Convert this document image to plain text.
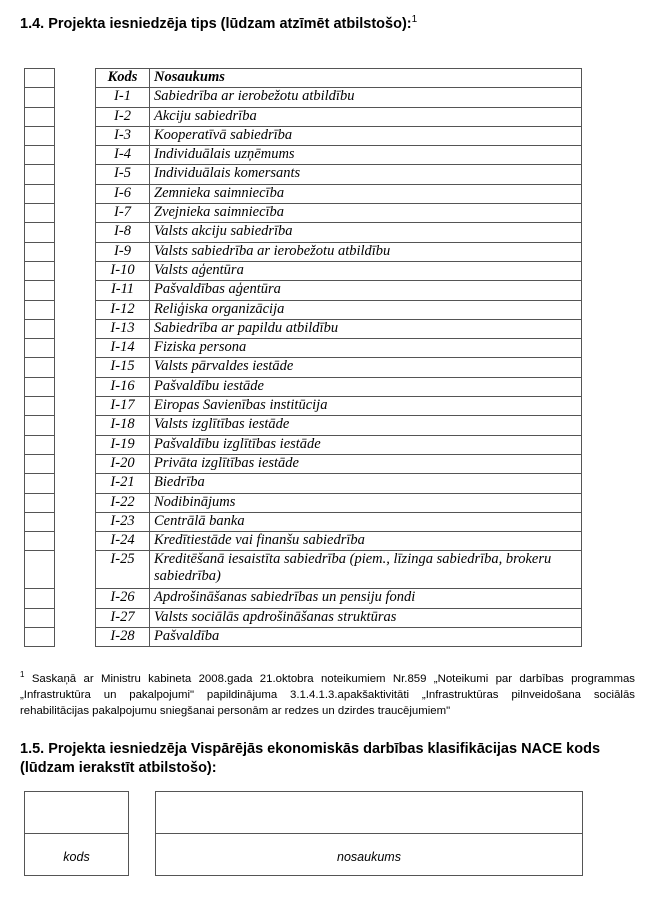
1.4. Projekta iesniedzēja tips (lūdzam atzīmēt atbilstošo):$^1$

Kods	Nosaukums
I-1	Sabiedrība ar ierobežotu atbildību
I-2	Akciju sabiedrība
I-3	Kooperatīvā sabiedrība
I-4	Individuālais uzņēmums
I-5	Individuālais komersants
I-6	Zemnieka saimniecība
I-7	Zvejnieka saimniecība
I-8	Valsts akciju sabiedrība
I-9	Valsts sabiedrība ar ierobežotu atbildību
I-10	Valsts aģentūra
I-11	Pašvaldības aģentūra
I-12	Reliģiska organizācija
I-13	Sabiedrība ar papildu atbildību
I-14	Fiziska persona
I-15	Valsts pārvaldes iestāde
I-16	Pašvaldību iestāde
I-17	Eiropas Savienības institūcija
I-18	Valsts izglītības iestāde
I-19	Pašvaldību izglītības iestāde
I-20	Privāta izglītības iestāde
I-21	Biedrība
I-22	Nodibinājums
I-23	Centrālā banka
I-24	Kredītiestāde vai finanšu sabiedrība
I-25	Kreditēšanā iesaistīta sabiedrība (piem., līzinga sabiedrība, brokeru sabiedrība)
I-26	Apdrošināšanas sabiedrības un pensiju fondi
I-27	Valsts sociālās apdrošināšanas struktūras
I-28	Pašvaldība
$^1$ Saskaņā ar Ministru kabineta 2008.gada 21.oktobra noteikumiem Nr.859 „Noteikumi par darbības programmas „Infrastruktūra un pakalpojumi" papildinājuma 3.1.4.1.3.apakšaktivitāti „Infrastruktūras pilnveidošana sociālās rehabilitācijas pakalpojumu sniegšanai personām ar redzes un dzirdes traucējumiem"
1.5. Projekta iesniedzēja Vispārējās ekonomiskās darbības klasifikācijas NACE kods (lūdzam ierakstīt atbilstošo):
kods	nosaukums
